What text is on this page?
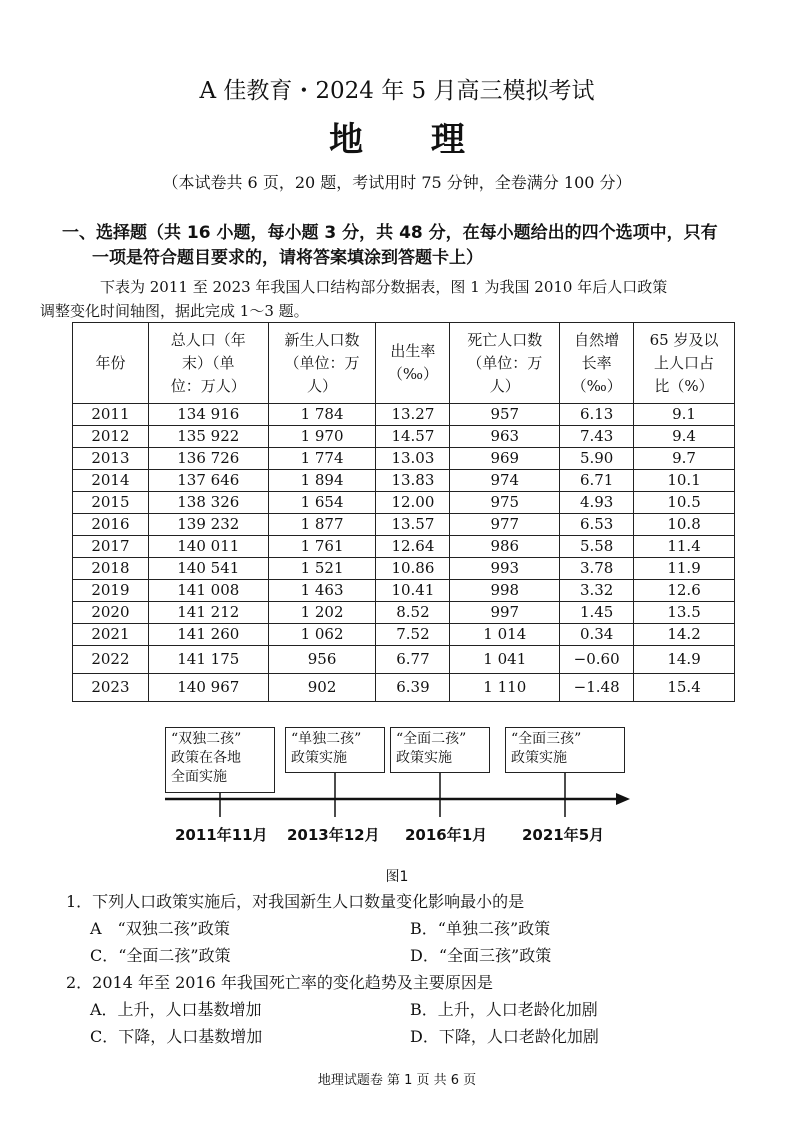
A 佳教育・2024 年 5 月高三模拟考试
地 理
（本试卷共 6 页，20 题，考试用时 75 分钟，全卷满分 100 分）
一、选择题（共 16 小题，每小题 3 分，共 48 分，在每小题给出的四个选项中，只有
一项是符合题目要求的，请将答案填涂到答题卡上）
下表为 2011 至 2023 年我国人口结构部分数据表，图 1 为我国 2010 年后人口政策
调整变化时间轴图，据此完成 1～3 题。
年份	总人口（年
末）（单
位：万人）	新生人口数
（单位：万
人）	出生率
（‰）	死亡人口数
（单位：万
人）	自然增
长率
（‰）	65 岁及以
上人口占
比（%）

2011	134 916	1 784	13.27	957	6.13	9.1
2012	135 922	1 970	14.57	963	7.43	9.4
2013	136 726	1 774	13.03	969	5.90	9.7
2014	137 646	1 894	13.83	974	6.71	10.1
2015	138 326	1 654	12.00	975	4.93	10.5
2016	139 232	1 877	13.57	977	6.53	10.8
2017	140 011	1 761	12.64	986	5.58	11.4
2018	140 541	1 521	10.86	993	3.78	11.9
2019	141 008	1 463	10.41	998	3.32	12.6
2020	141 212	1 202	8.52	997	1.45	13.5
2021	141 260	1 062	7.52	1 014	0.34	14.2
2022	141 175	956	6.77	1 041	−0.60	14.9
2023	140 967	902	6.39	1 110	−1.48	15.4
“双独二孩”
政策在各地
全面实施
2011年11月
“单独二孩”
政策实施
2013年12月
“全面二孩”
政策实施
2016年1月
“全面三孩”
政策实施
2021年5月
图1
1．下列人口政策实施后，对我国新生人口数量变化影响最小的是
A　“双独二孩”政策	B．“单独二孩”政策
C．“全面二孩”政策	D．“全面三孩”政策
2．2014 年至 2016 年我国死亡率的变化趋势及主要原因是
A．上升，人口基数增加	B．上升，人口老龄化加剧
C．下降，人口基数增加	D．下降，人口老龄化加剧
地理试题卷 第 1 页 共 6 页
